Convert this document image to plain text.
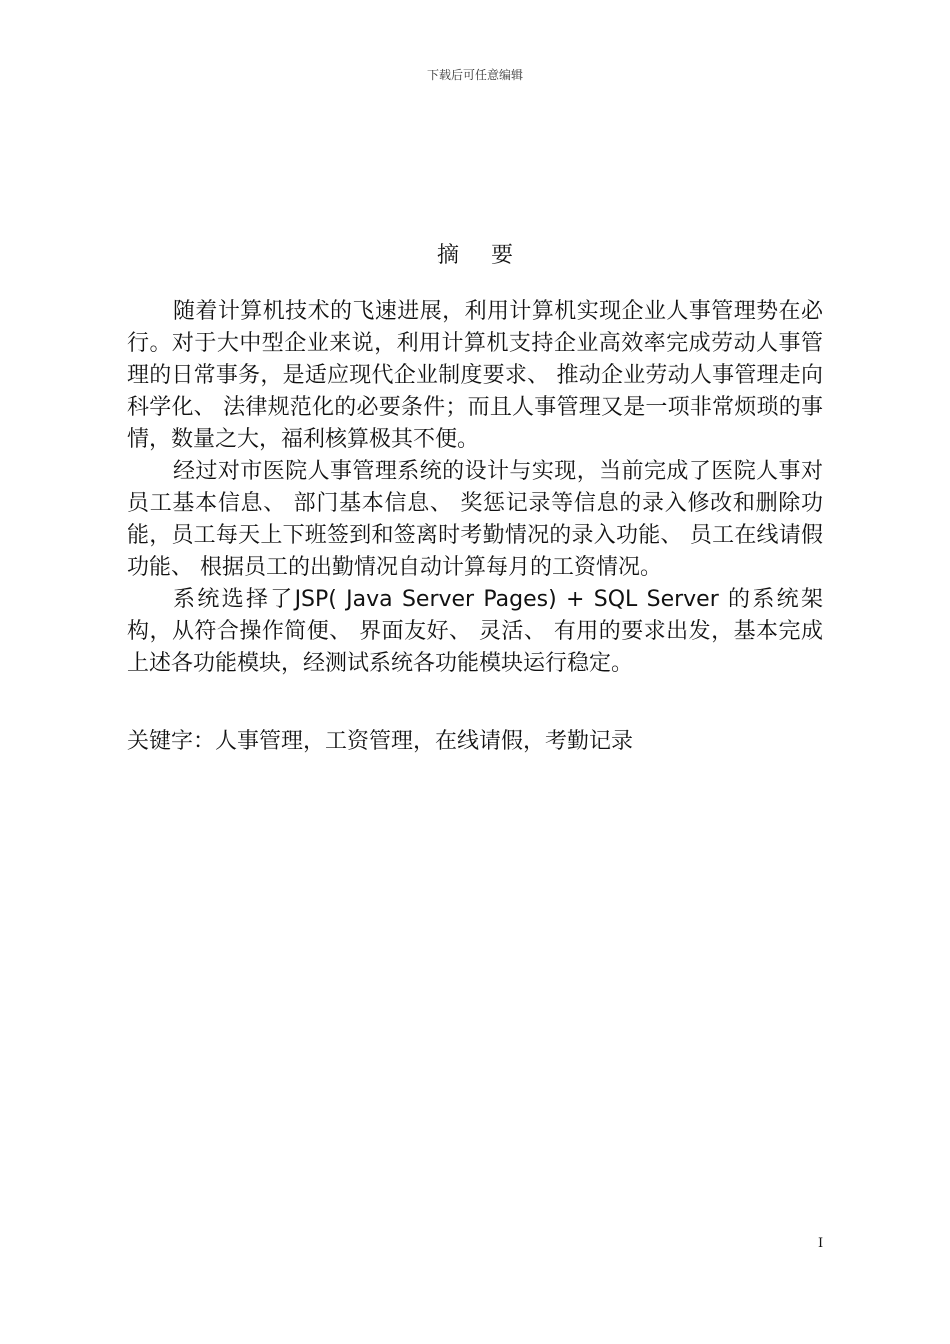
下载后可任意编辑
摘要

随着计算机技术的飞速进展，利用计算机实现企业人事管理势在必行。对于大中型企业来说，利用计算机支持企业高效率完成劳动人事管理的日常事务，是适应现代企业制度要求、 推动企业劳动人事管理走向科学化、 法律规范化的必要条件；而且人事管理又是一项非常烦琐的事情，数量之大，福利核算极其不便。

经过对市医院人事管理系统的设计与实现，当前完成了医院人事对员工基本信息、 部门基本信息、 奖惩记录等信息的录入修改和删除功能，员工每天上下班签到和签离时考勤情况的录入功能、 员工在线请假功能、 根据员工的出勤情况自动计算每月的工资情况。

系统选择了JSP( Java Server Pages) + SQL Server 的系统架构，从符合操作简便、 界面友好、 灵活、 有用的要求出发，基本完成上述各功能模块，经测试系统各功能模块运行稳定。

关键字：人事管理，工资管理，在线请假，考勤记录
I
